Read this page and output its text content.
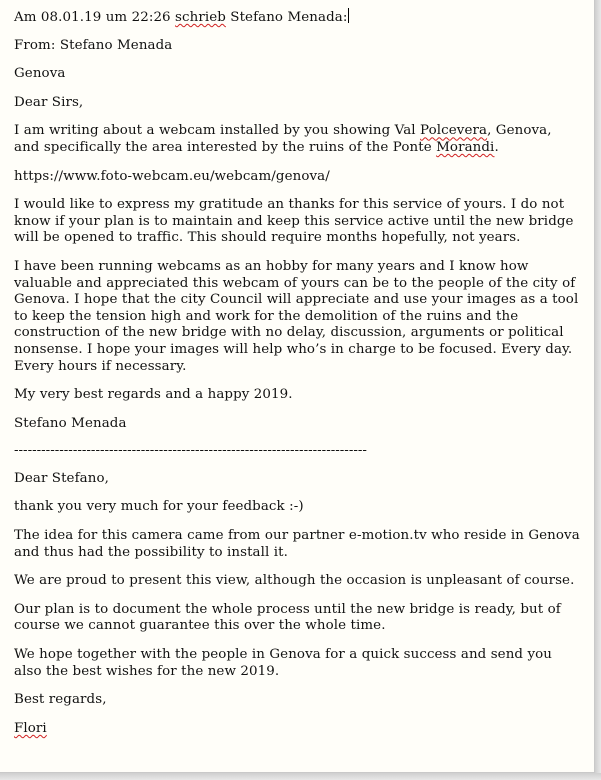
Am 08.01.19 um 22:26 schrieb Stefano Menada:

From: Stefano Menada

Genova

Dear Sirs,

I am writing about a webcam installed by you showing Val Polcevera, Genova,
and specifically the area interested by the ruins of the Ponte Morandi.

https://www.foto-webcam.eu/webcam/genova/

I would like to express my gratitude an thanks for this service of yours. I do not
know if your plan is to maintain and keep this service active until the new bridge
will be opened to traffic. This should require months hopefully, not years.

I have been running webcams as an hobby for many years and I know how
valuable and appreciated this webcam of yours can be to the people of the city of
Genova. I hope that the city Council will appreciate and use your images as a tool
to keep the tension high and work for the demolition of the ruins and the
construction of the new bridge with no delay, discussion, arguments or political
nonsense. I hope your images will help who’s in charge to be focused. Every day.
Every hours if necessary.

My very best regards and a happy 2019.

Stefano Menada

------------------------------------------------------------------------------

Dear Stefano,

thank you very much for your feedback :-)

The idea for this camera came from our partner e-motion.tv who reside in Genova
and thus had the possibility to install it.

We are proud to present this view, although the occasion is unpleasant of course.

Our plan is to document the whole process until the new bridge is ready, but of
course we cannot guarantee this over the whole time.

We hope together with the people in Genova for a quick success and send you
also the best wishes for the new 2019.

Best regards,

Flori
